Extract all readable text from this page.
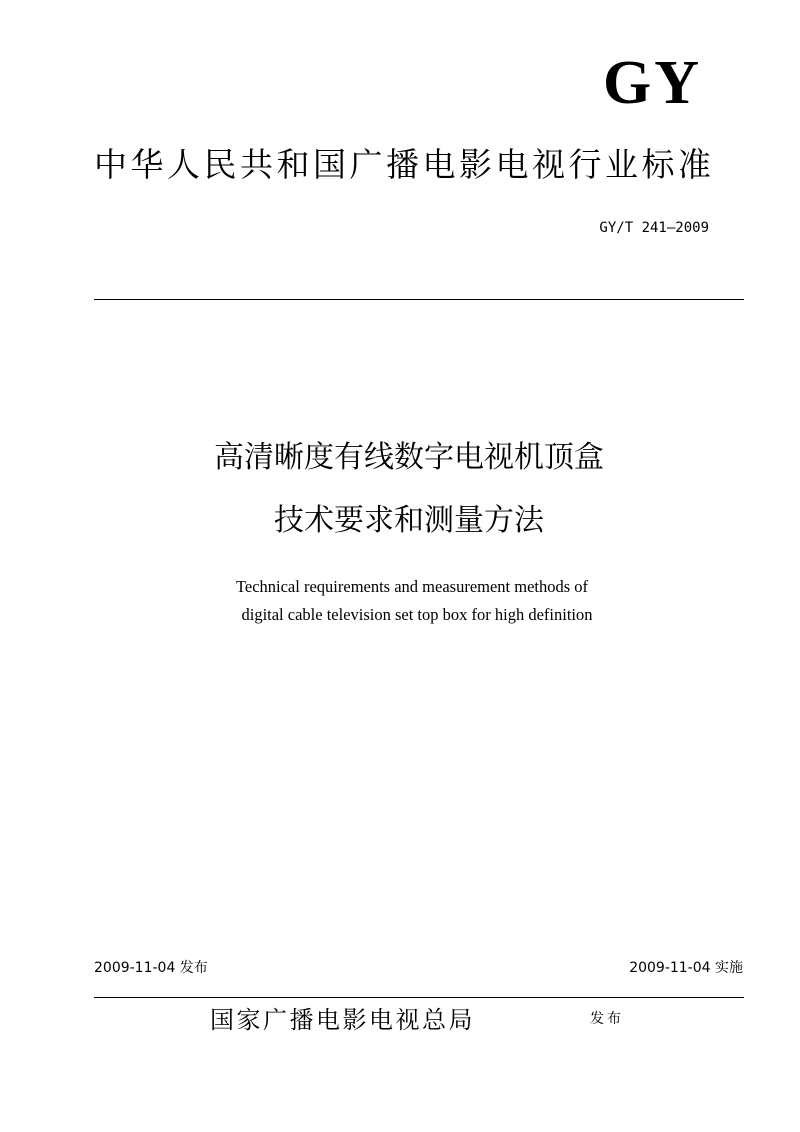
GY
中华人民共和国广播电影电视行业标准
GY/T 241—2009
高清晰度有线数字电视机顶盒
技术要求和测量方法
Technical requirements and measurement methods of
digital cable television set top box for high definition
2009-11-04 发布	2009-11-04 实施
国家广播电影电视总局	发布
